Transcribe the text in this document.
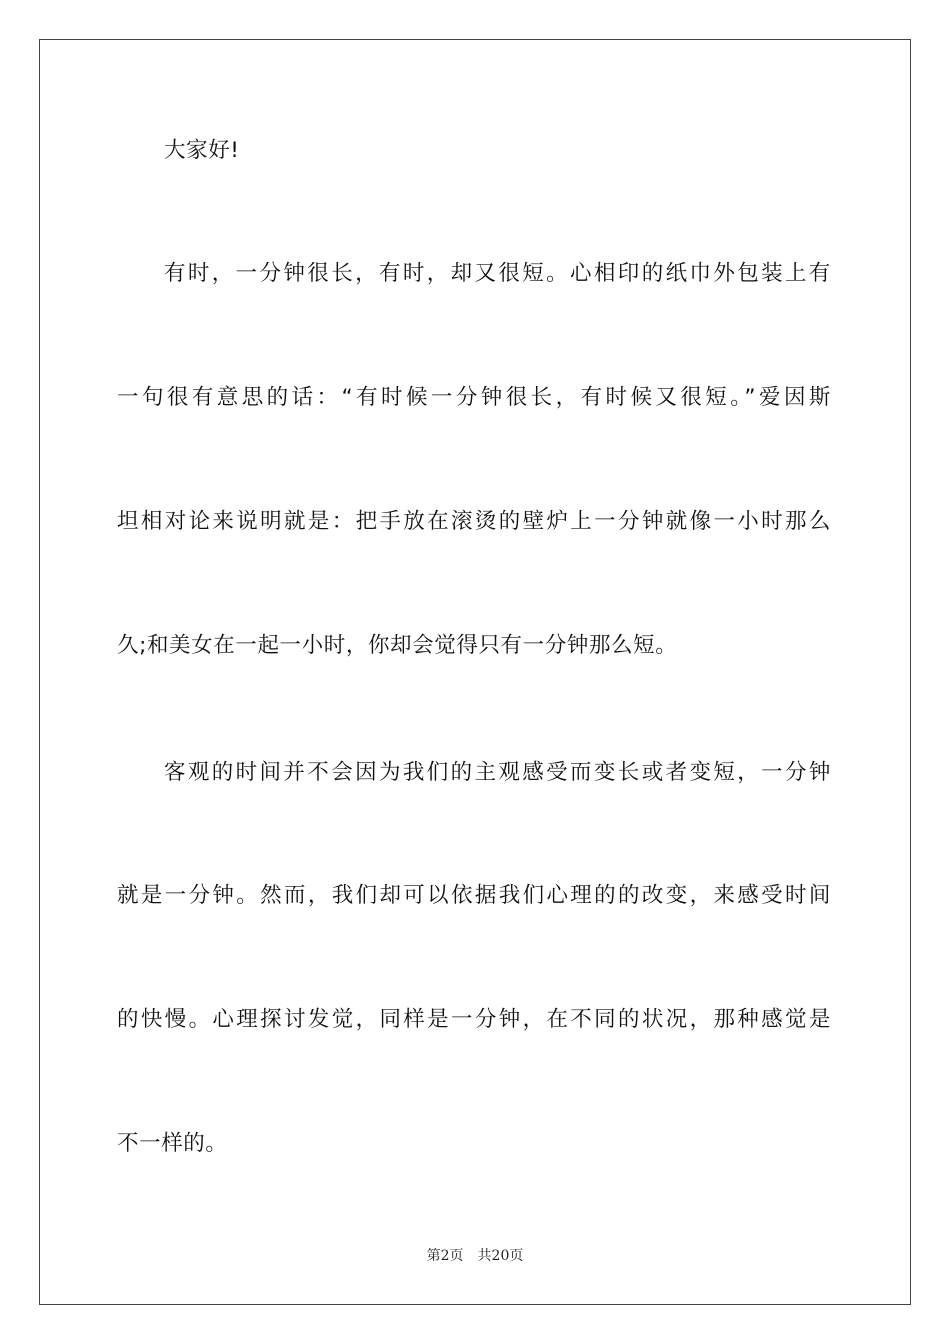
大家好!
有时，一分钟很长，有时，却又很短。心相印的纸巾外包装上有
一句很有意思的话：“有时候一分钟很长，有时候又很短。”爱因斯
坦相对论来说明就是：把手放在滚烫的壁炉上一分钟就像一小时那么
久;和美女在一起一小时，你却会觉得只有一分钟那么短。
客观的时间并不会因为我们的主观感受而变长或者变短，一分钟
就是一分钟。然而，我们却可以依据我们心理的的改变，来感受时间
的快慢。心理探讨发觉，同样是一分钟，在不同的状况，那种感觉是
不一样的。
第2页 共20页
